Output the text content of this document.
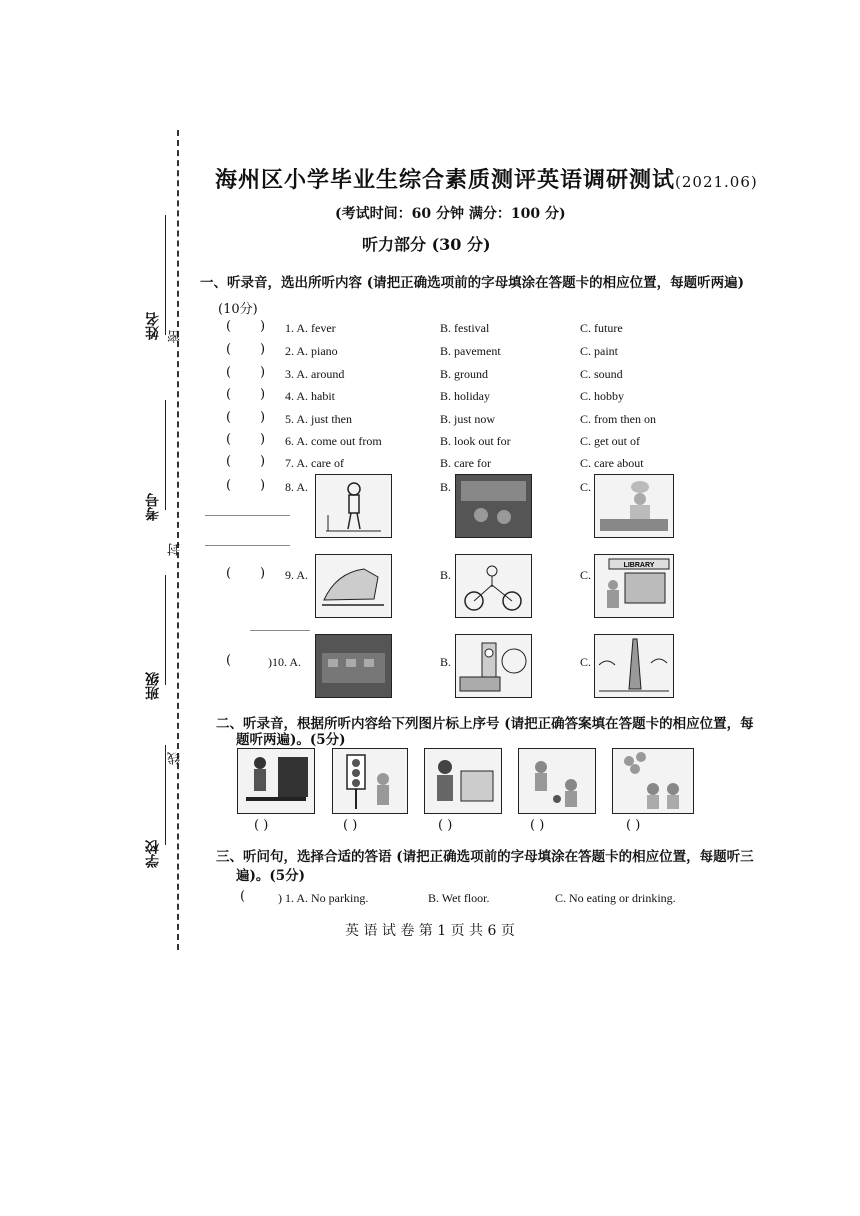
姓名
考号
班级
学校
密
封
线
海州区小学毕业生综合素质测评英语调研测试(2021.06)
(考试时间：60 分钟 满分：100 分)
听力部分 (30 分)
一、听录音，选出所听内容 (请把正确选项前的字母填涂在答题卡的相应位置，每题听两遍)
(10分)
(       ) 1. A. fever	B. festival	C. future
(       ) 2. A. piano	B. pavement	C. paint
(       ) 3. A. around	B. ground	C. sound
(       ) 4. A. habit	B. holiday	C. hobby
(       ) 5. A. just then	B. just now	C. from then on
(       ) 6. A. come out from	B. look out for	C. get out of
(       ) 7. A. care of	B. care for	C. care about
(       ) 8. A.	B.	C.
(       ) 9. A.	B.	C.
LIBRARY
( )10. A.	B.	C.
二、听录音，根据所听内容给下列图片标上序号 (请把正确答案填在答题卡的相应位置，每
题听两遍)。(5分)
( )	( )	( )	( )	( )
三、听问句，选择合适的答语 (请把正确选项前的字母填涂在答题卡的相应位置，每题听三
遍)。(5分)
( ) 1. A. No parking.	B. Wet floor.	C. No eating or drinking.
英 语 试 卷 第 1 页 共 6 页
